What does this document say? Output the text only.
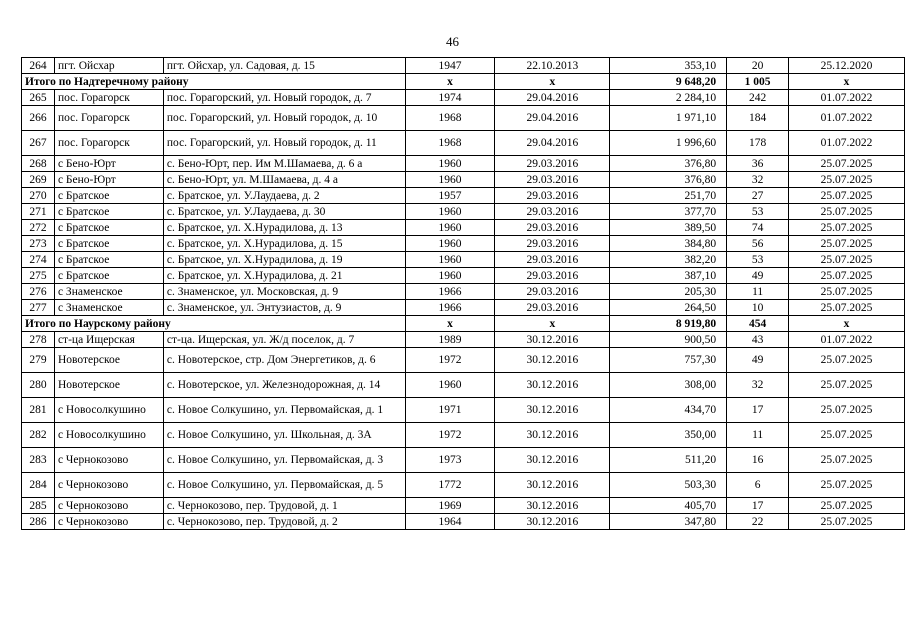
46
264	пгт. Ойсхар	пгт. Ойсхар, ул. Садовая, д. 15	1947	22.10.2013	353,10	20	25.12.2020
Итого по Надтеречному району			x	x	9 648,20	1 005	x
265	пос. Горагорск	пос. Горагорский, ул. Новый городок, д. 7	1974	29.04.2016	2 284,10	242	01.07.2022
266	пос. Горагорск	пос. Горагорский, ул. Новый городок, д. 10	1968	29.04.2016	1 971,10	184	01.07.2022
267	пос. Горагорск	пос. Горагорский, ул. Новый городок, д. 11	1968	29.04.2016	1 996,60	178	01.07.2022
268	с Бено-Юрт	с. Бено-Юрт, пер. Им М.Шамаева, д. 6 а	1960	29.03.2016	376,80	36	25.07.2025
269	с Бено-Юрт	с. Бено-Юрт, ул. М.Шамаева, д. 4 а	1960	29.03.2016	376,80	32	25.07.2025
270	с Братское	с. Братское, ул. У.Лаудаева, д. 2	1957	29.03.2016	251,70	27	25.07.2025
271	с Братское	с. Братское, ул. У.Лаудаева, д. 30	1960	29.03.2016	377,70	53	25.07.2025
272	с Братское	с. Братское, ул. Х.Нурадилова, д. 13	1960	29.03.2016	389,50	74	25.07.2025
273	с Братское	с. Братское, ул. Х.Нурадилова, д. 15	1960	29.03.2016	384,80	56	25.07.2025
274	с Братское	с. Братское, ул. Х.Нурадилова, д. 19	1960	29.03.2016	382,20	53	25.07.2025
275	с Братское	с. Братское, ул. Х.Нурадилова, д. 21	1960	29.03.2016	387,10	49	25.07.2025
276	с Знаменское	с. Знаменское, ул. Московская, д. 9	1966	29.03.2016	205,30	11	25.07.2025
277	с Знаменское	с. Знаменское, ул. Энтузиастов, д. 9	1966	29.03.2016	264,50	10	25.07.2025
Итого по Наурскому району			x	x	8 919,80	454	x
278	ст-ца Ищерская	ст-ца. Ищерская, ул. Ж/д поселок, д. 7	1989	30.12.2016	900,50	43	01.07.2022
279	Новотерское	с. Новотерское, стр. Дом Энергетиков, д. 6	1972	30.12.2016	757,30	49	25.07.2025
280	Новотерское	с. Новотерское, ул. Железнодорожная, д. 14	1960	30.12.2016	308,00	32	25.07.2025
281	с Новосолкушино	с. Новое Солкушино, ул. Первомайская, д. 1	1971	30.12.2016	434,70	17	25.07.2025
282	с Новосолкушино	с. Новое Солкушино, ул. Школьная, д. 3А	1972	30.12.2016	350,00	11	25.07.2025
283	с Чернокозово	с. Новое Солкушино, ул. Первомайская, д. 3	1973	30.12.2016	511,20	16	25.07.2025
284	с Чернокозово	с. Новое Солкушино, ул. Первомайская, д. 5	1772	30.12.2016	503,30	6	25.07.2025
285	с Чернокозово	с. Чернокозово, пер. Трудовой, д. 1	1969	30.12.2016	405,70	17	25.07.2025
286	с Чернокозово	с. Чернокозово, пер. Трудовой, д. 2	1964	30.12.2016	347,80	22	25.07.2025
